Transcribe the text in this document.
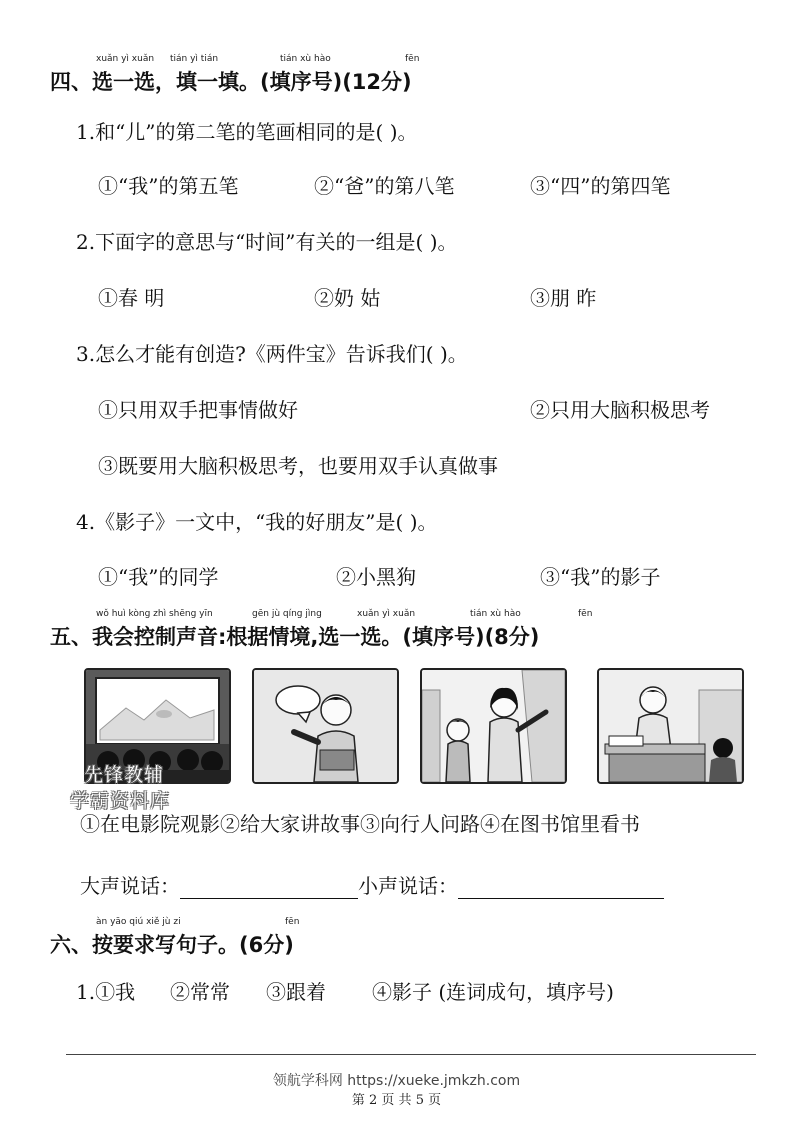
xuǎn yì xuǎn tián yì tián	tián xù hào	fēn
四、选一选，填一填。(填序号)(12分)
1.和“儿”的第二笔的笔画相同的是( )。
①“我”的第五笔	②“爸”的第八笔	③“四”的第四笔
2.下面字的意思与“时间”有关的一组是( )。
①春 明	②奶 姑	③朋 昨
3.怎么才能有创造?《两件宝》告诉我们( )。
①只用双手把事情做好	②只用大脑积极思考
③既要用大脑积极思考，也要用双手认真做事
4.《影子》一文中，“我的好朋友”是( )。
①“我”的同学	②小黑狗	③“我”的影子
wǒ huì kòng zhì shēng yīn	gēn jù qíng jìng	xuǎn yì xuǎn	tián xù hào	fēn
五、我会控制声音:根据情境,选一选。(填序号)(8分)
先锋教辅
学霸资料库
①在电影院观影②给大家讲故事③向行人问路④在图书馆里看书
大声说话：	小声说话：
àn yāo qiú xiě jù zi	fēn
六、按要求写句子。(6分)
1.①我 ②常常 ③跟着 ④影子 (连词成句，填序号)
领航学科网 https://xueke.jmkzh.com
第 2 页 共 5 页
